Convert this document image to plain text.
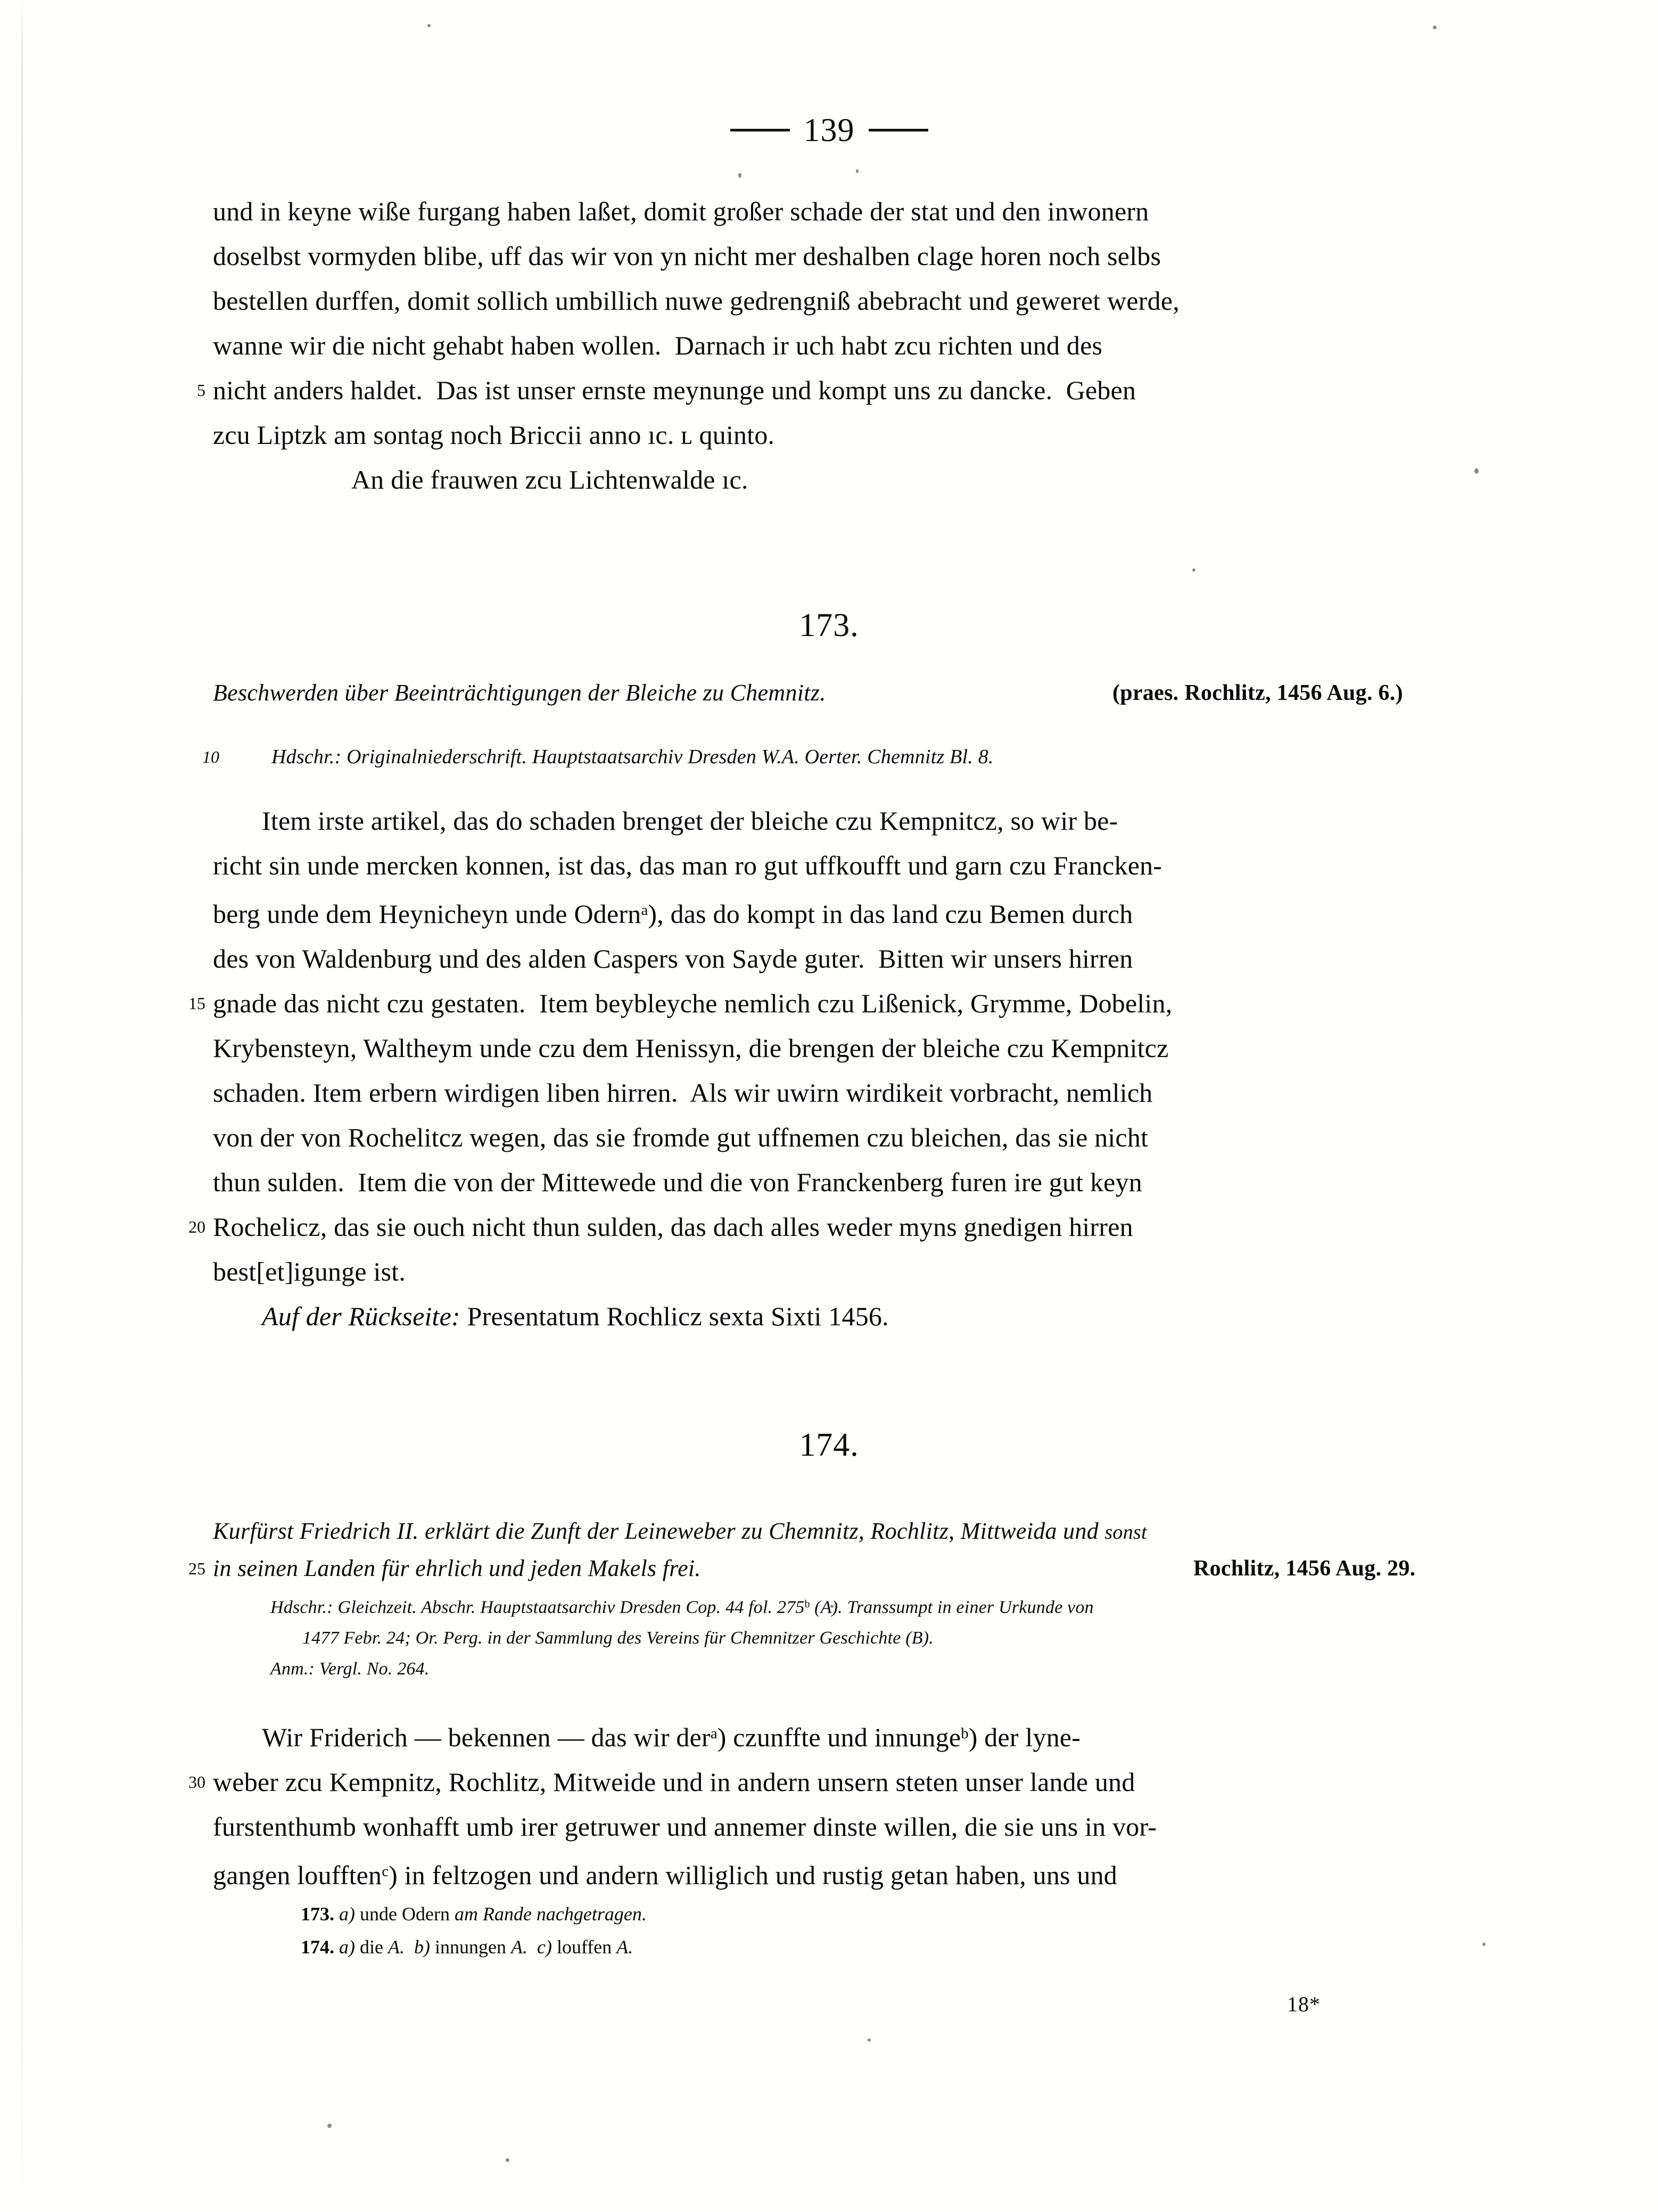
139
und in keyne wiße furgang haben laßet, domit großer schade der stat und den inwonern
doselbst vormyden blibe, uff das wir von yn nicht mer deshalben clage horen noch selbs
bestellen durffen, domit sollich umbillich nuwe gedrengniß abebracht und geweret werde,
wanne wir die nicht gehabt haben wollen.  Darnach ir uch habt zcu richten und des
5 nicht anders haldet.  Das ist unser ernste meynunge und kompt uns zu dancke.  Geben
zcu Liptzk am sontag noch Briccii anno ıc. ʟ quinto.
An die frauwen zcu Lichtenwalde ıc.
173.
Beschwerden über Beeinträchtigungen der Bleiche zu Chemnitz.	(praes. Rochlitz, 1456 Aug. 6.)
10	Hdschr.: Originalniederschrift. Hauptstaatsarchiv Dresden W.A. Oerter. Chemnitz Bl. 8.
Item irste artikel, das do schaden brenget der bleiche czu Kempnitcz, so wir be-
richt sin unde mercken konnen, ist das, das man ro gut uffkoufft und garn czu Francken-
berg unde dem Heynicheyn unde Odern$^a$), das do kompt in das land czu Bemen durch
des von Waldenburg und des alden Caspers von Sayde guter.  Bitten wir unsers hirren
15 gnade das nicht czu gestaten.  Item beybleyche nemlich czu Lißenick, Grymme, Dobelin,
Krybensteyn, Waltheym unde czu dem Henissyn, die brengen der bleiche czu Kempnitcz
schaden. Item erbern wirdigen liben hirren.  Als wir uwirn wirdikeit vorbracht, nemlich
von der von Rochelitcz wegen, das sie fromde gut uffnemen czu bleichen, das sie nicht
thun sulden.  Item die von der Mittewede und die von Franckenberg furen ire gut keyn
20 Rochelicz, das sie ouch nicht thun sulden, das dach alles weder myns gnedigen hirren
best[et]igunge ist.
Auf der Rückseite: Presentatum Rochlicz sexta Sixti 1456.
174.
Kurfürst Friedrich II. erklärt die Zunft der Leineweber zu Chemnitz, Rochlitz, Mittweida und sonst
25 in seinen Landen für ehrlich und jeden Makels frei.	Rochlitz, 1456 Aug. 29.
Hdschr.: Gleichzeit. Abschr. Hauptstaatsarchiv Dresden Cop. 44 fol. 275$^b$ (A). Transsumpt in einer Urkunde von
1477 Febr. 24; Or. Perg. in der Sammlung des Vereins für Chemnitzer Geschichte (B).
Anm.: Vergl. No. 264.
Wir Friderich — bekennen — das wir der$^a$) czunffte und innunge$^b$) der lyne-
30 weber zcu Kempnitz, Rochlitz, Mitweide und in andern unsern steten unser lande und
furstenthumb wonhafft umb irer getruwer und annemer dinste willen, die sie uns in vor-
gangen loufften$^c$) in feltzogen und andern williglich und rustig getan haben, uns und
173. a) unde Odern am Rande nachgetragen.
174. a) die A. b) innungen A. c) louffen A.
18*
